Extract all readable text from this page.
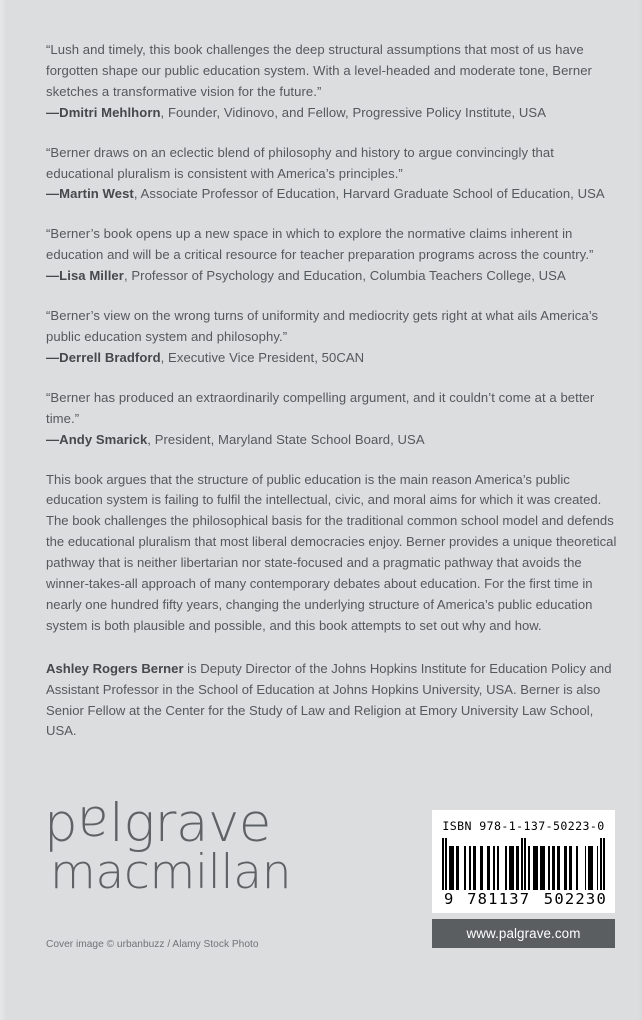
“Lush and timely, this book challenges the deep structural assumptions that most of us have forgotten shape our public education system. With a level-headed and moderate tone, Berner sketches a transformative vision for the future.”
—Dmitri Mehlhorn, Founder, Vidinovo, and Fellow, Progressive Policy Institute, USA
“Berner draws on an eclectic blend of philosophy and history to argue convincingly that educational pluralism is consistent with America’s principles.”
—Martin West, Associate Professor of Education, Harvard Graduate School of Education, USA
“Berner’s book opens up a new space in which to explore the normative claims inherent in education and will be a critical resource for teacher preparation programs across the country.”
—Lisa Miller, Professor of Psychology and Education, Columbia Teachers College, USA
“Berner’s view on the wrong turns of uniformity and mediocrity gets right at what ails America’s public education system and philosophy.”
—Derrell Bradford, Executive Vice President, 50CAN
“Berner has produced an extraordinarily compelling argument, and it couldn’t come at a better time.”
—Andy Smarick, President, Maryland State School Board, USA

This book argues that the structure of public education is the main reason America’s public education system is failing to fulfil the intellectual, civic, and moral aims for which it was created. The book challenges the philosophical basis for the traditional common school model and defends the educational pluralism that most liberal democracies enjoy. Berner provides a unique theoretical pathway that is neither libertarian nor state-focused and a pragmatic pathway that avoids the winner-takes-all approach of many contemporary debates about education. For the first time in nearly one hundred fifty years, changing the underlying structure of America’s public education system is both plausible and possible, and this book attempts to set out why and how.

Ashley Rogers Berner is Deputy Director of the Johns Hopkins Institute for Education Policy and Assistant Professor in the School of Education at Johns Hopkins University, USA. Berner is also Senior Fellow at the Center for the Study of Law and Religion at Emory University Law School, USA.

palgrave
macmillan
Cover image © urbanbuzz / Alamy Stock Photo
ISBN 978-1-137-50223-0
9 781137 502230
www.palgrave.com
